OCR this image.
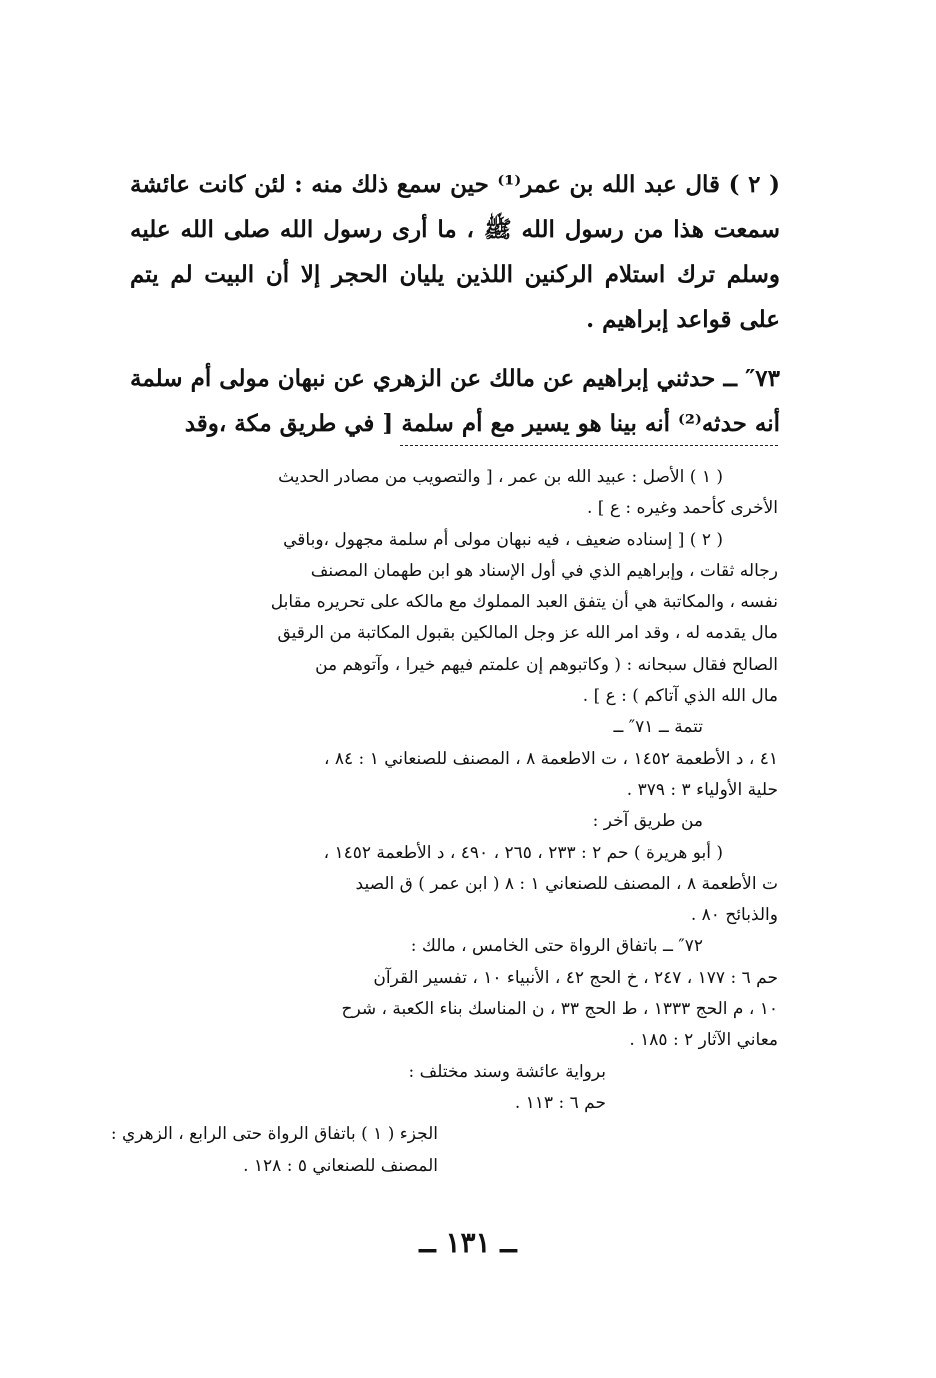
( ٢ ) قال عبد الله بن عمر⁽¹⁾ حين سمع ذلك منه : لئن كانت عائشة سمعت هذا من رسول الله ﷺ ، ما أرى رسول الله صلى الله عليه وسلم ترك استلام الركنين اللذين يليان الحجر إلا أن البيت لم يتم على قواعد إبراهيم .

٧٣″ ــ حدثني إبراهيم عن مالك عن الزهري عن نبهان مولى أم سلمة أنه حدثه⁽²⁾ أنه بينا هو يسير مع أم سلمة [ في طريق مكة ،وقد

( ١ ) الأصل : عبيد الله بن عمر ، [ والتصويب من مصادر الحديث

الأخرى كأحمد وغيره : ع ] .

( ٢ ) [ إسناده ضعيف ، فيه نبهان مولى أم سلمة مجهول ،وباقي

رجاله ثقات ، وإبراهيم الذي في أول الإسناد هو ابن طهمان المصنف

نفسه ، والمكاتبة هي أن يتفق العبد المملوك مع مالكه على تحريره مقابل

مال يقدمه له ، وقد امر الله عز وجل المالكين بقبول المكاتبة من الرقيق

الصالح فقال سبحانه : ( وكاتبوهم إن علمتم فيهم خيرا ، وآتوهم من

مال الله الذي آتاكم ) : ع ] .

تتمة ــ ٧١″ ــ

٤١ ، د الأطعمة ١٤٥٢ ، ت الاطعمة ٨ ، المصنف للصنعاني ١ : ٨٤ ،

حلية الأولياء ٣ : ٣٧٩ .

من طريق آخر :

( أبو هريرة ) حم ٢ : ٢٣٣ ، ٢٦٥ ، ٤٩٠ ، د الأطعمة ١٤٥٢ ،

ت الأطعمة ٨ ، المصنف للصنعاني ١ : ٨ ( ابن عمر ) ق الصيد

والذبائح ٨٠ .

٧٢″ ــ باتفاق الرواة حتى الخامس ، مالك :

حم ٦ : ١٧٧ ، ٢٤٧ ، خ الحج ٤٢ ، الأنبياء ١٠ ، تفسير القرآن

١٠ ، م الحج ١٣٣٣ ، ط الحج ٣٣ ، ن المناسك بناء الكعبة ، شرح

معاني الآثار ٢ : ١٨٥ .

برواية عائشة وسند مختلف :

حم ٦ : ١١٣ .

الجزء ( ١ ) باتفاق الرواة حتى الرابع ، الزهري :

المصنف للصنعاني ٥ : ١٢٨ .

ــ ١٣١ ــ
